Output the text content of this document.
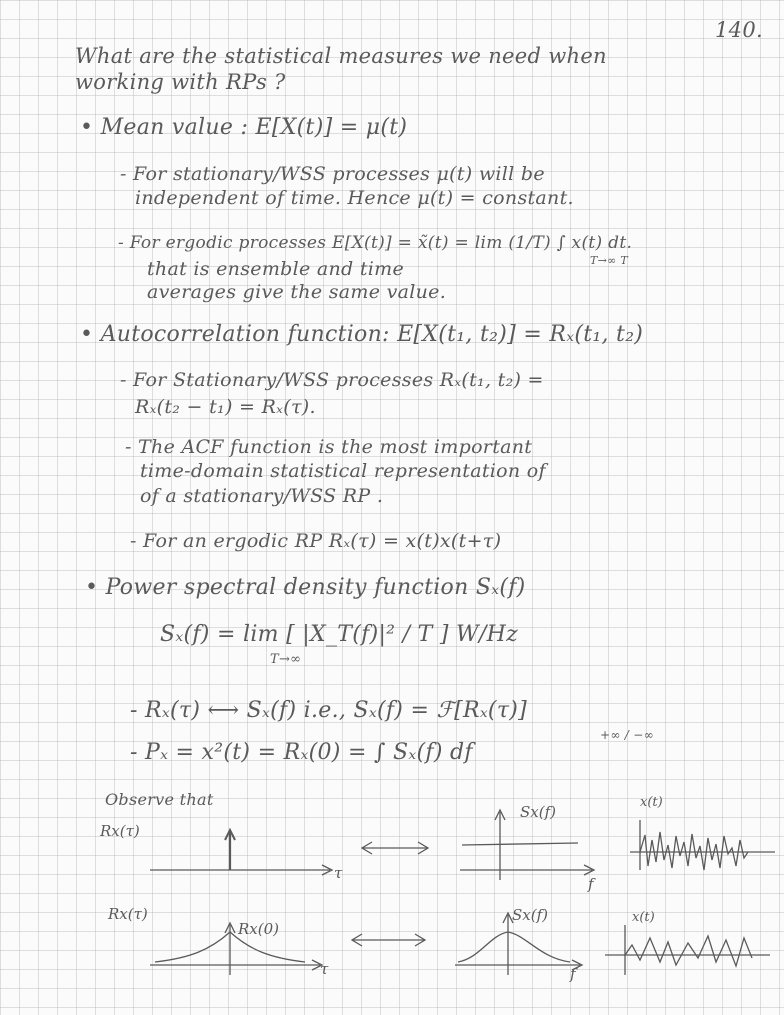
140.
What are the statistical measures we need when
working with RPs ?
• Mean value : E[X(t)] = μ(t)
- For stationary/WSS processes μ(t) will be
independent of time. Hence μ(t) = constant.
- For ergodic processes E[X(t)] = x̃(t) = lim (1/T) ∫ x(t) dt.
T→∞ T
that is ensemble and time
averages give the same value.
• Autocorrelation function: E[X(t₁, t₂)] = Rₓ(t₁, t₂)
- For Stationary/WSS processes Rₓ(t₁, t₂) =
Rₓ(t₂ − t₁) = Rₓ(τ).
- The ACF function is the most important
time-domain statistical representation of
of a stationary/WSS RP .
- For an ergodic RP Rₓ(τ) = x(t)x(t+τ)
• Power spectral density function Sₓ(f)
Sₓ(f) = lim [ |X_T(f)|² / T ] W/Hz
T→∞
- Rₓ(τ) ⟷ Sₓ(f) i.e., Sₓ(f) = ℱ[Rₓ(τ)]
- Pₓ = x²(t) = Rₓ(0) = ∫ Sₓ(f) df
+∞ / −∞
Observe that
Rx(τ)
τ
Sx(f)
f
x(t)
Rx(τ)
Rx(0)
τ
Sx(f)
f
x(t)
